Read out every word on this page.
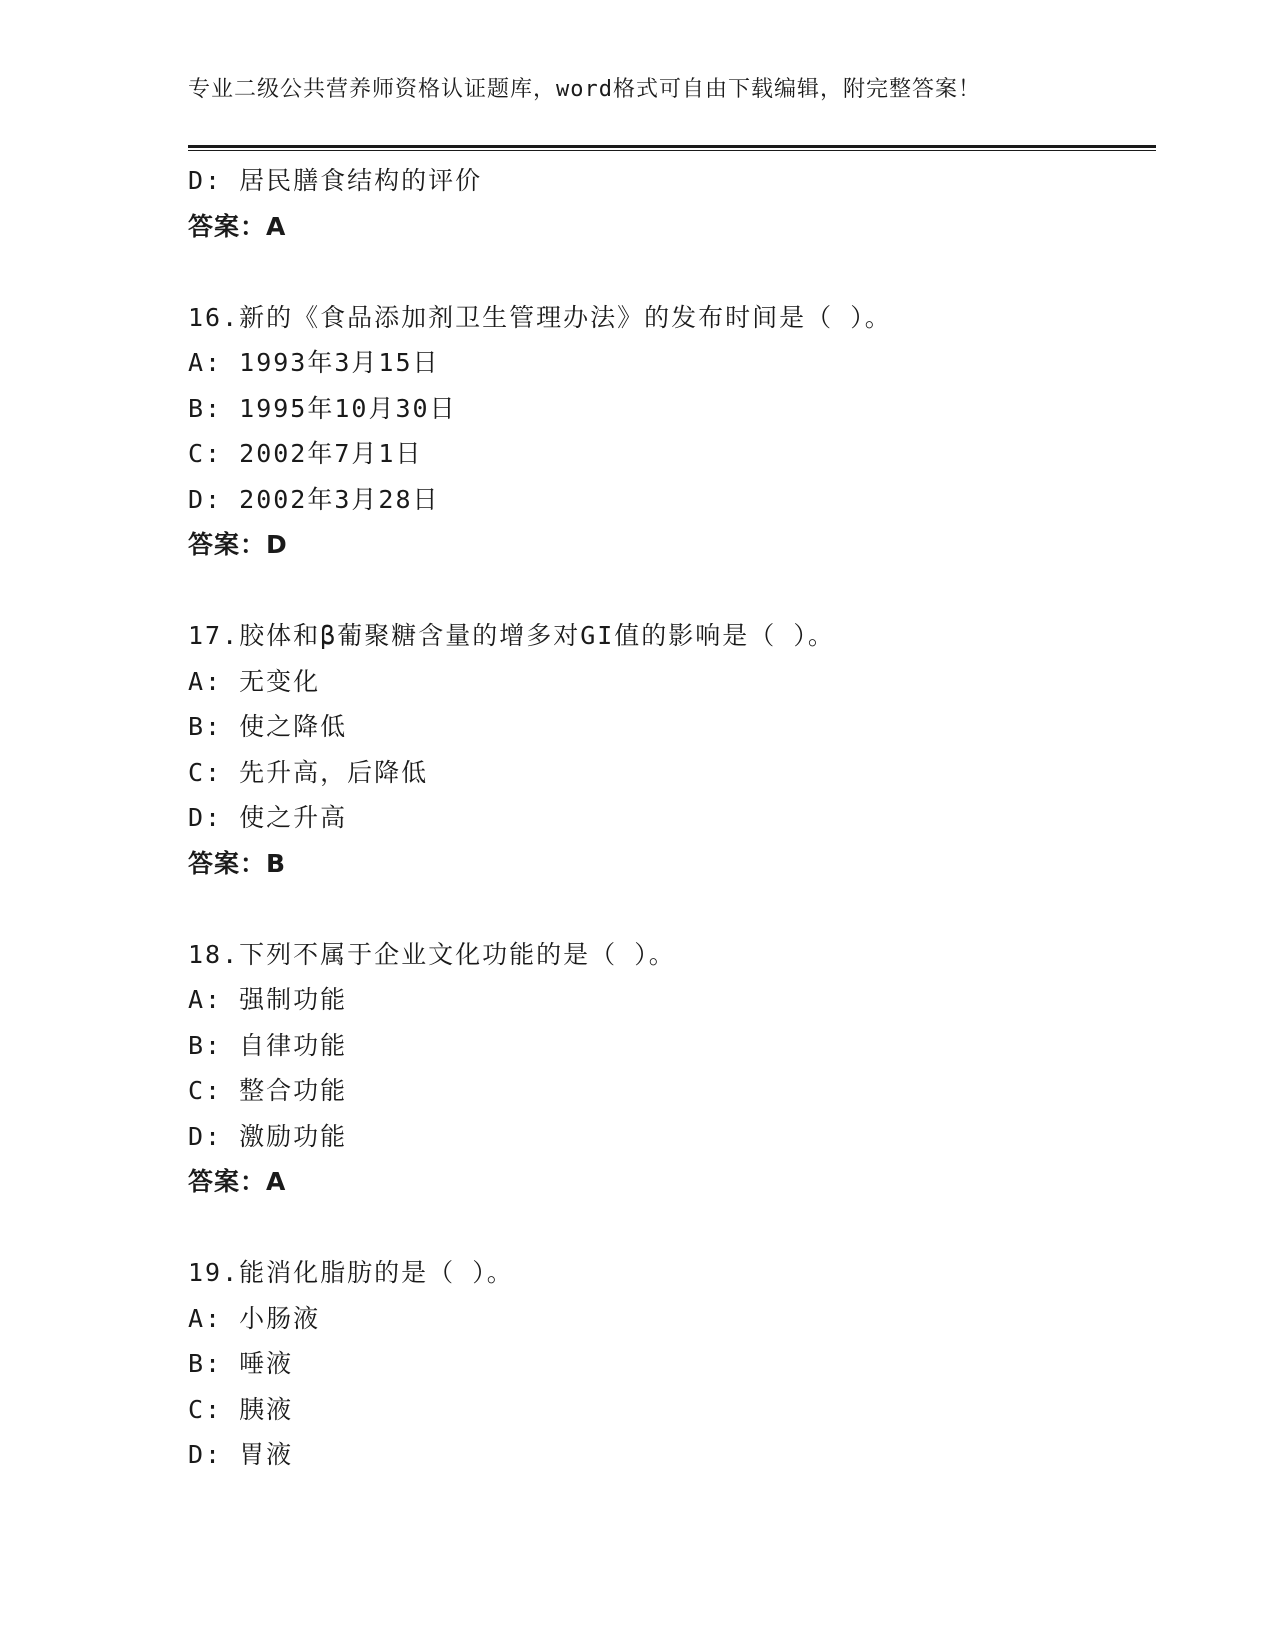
专业二级公共营养师资格认证题库，word格式可自由下载编辑，附完整答案！
D: 居民膳食结构的评价
答案：A
16.新的《食品添加剂卫生管理办法》的发布时间是（ ）。
A: 1993年3月15日
B: 1995年10月30日
C: 2002年7月1日
D: 2002年3月28日
答案：D
17.胶体和β葡聚糖含量的增多对GI值的影响是（ ）。
A: 无变化
B: 使之降低
C: 先升高，后降低
D: 使之升高
答案：B
18.下列不属于企业文化功能的是（ ）。
A: 强制功能
B: 自律功能
C: 整合功能
D: 激励功能
答案：A
19.能消化脂肪的是（ ）。
A: 小肠液
B: 唾液
C: 胰液
D: 胃液
